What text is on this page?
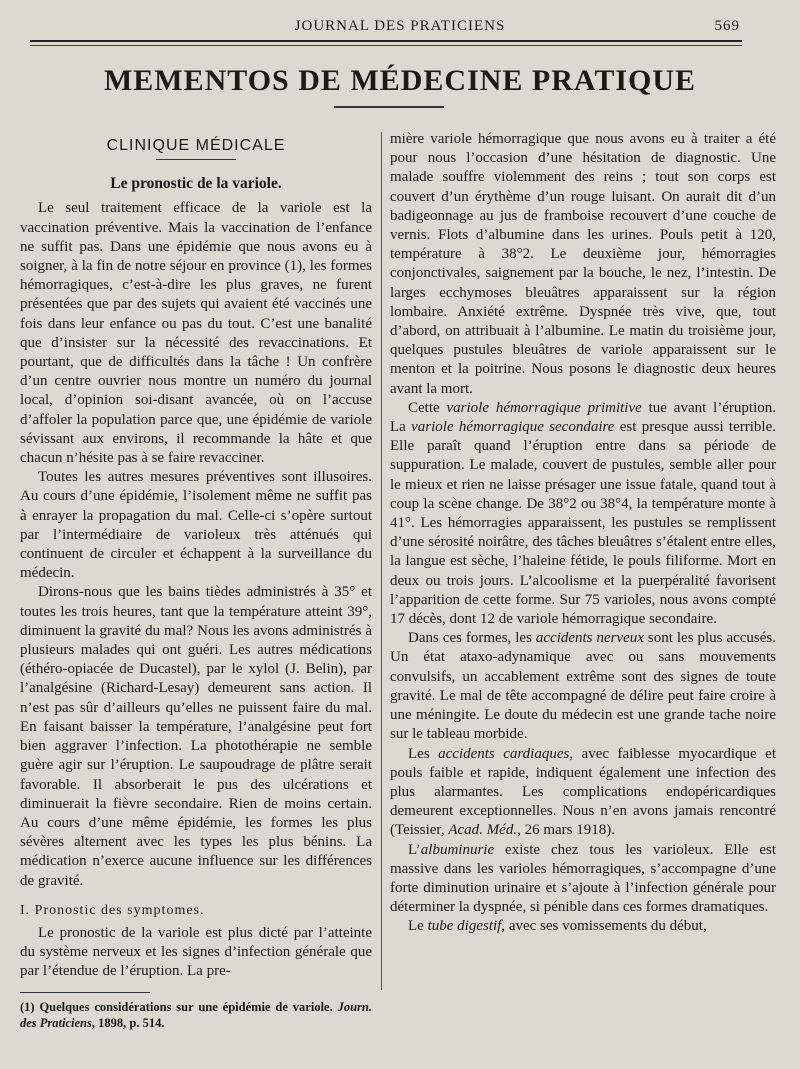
JOURNAL DES PRATICIENS	569
MEMENTOS DE MÉDECINE PRATIQUE
CLINIQUE MÉDICALE
Le pronostic de la variole.

Le seul traitement efficace de la variole est la vaccination préventive. Mais la vaccination de l’enfance ne suffit pas. Dans une épidémie que nous avons eu à soigner, à la fin de notre séjour en province (1), les formes hémorragiques, c’est-à-dire les plus graves, ne furent présentées que par des sujets qui avaient été vaccinés une fois dans leur enfance ou pas du tout. C’est une banalité que d’insister sur la nécessité des revaccinations. Et pourtant, que de difficultés dans la tâche ! Un confrère d’un centre ouvrier nous montre un numéro du journal local, d’opinion soi-disant avancée, où on l’accuse d’affoler la population parce que, une épidémie de variole sévissant aux environs, il recommande la hâte et que chacun n’hésite pas à se faire revacciner.

Toutes les autres mesures préventives sont illusoires. Au cours d’une épidémie, l’isolement même ne suffit pas à enrayer la propagation du mal. Celle-ci s’opère surtout par l’intermédiaire de varioleux très atténués qui continuent de circuler et échappent à la surveillance du médecin.

Dirons-nous que les bains tièdes administrés à 35° et toutes les trois heures, tant que la température atteint 39°, diminuent la gravité du mal? Nous les avons administrés à plusieurs malades qui ont guéri. Les autres médications (éthéro-opiacée de Ducastel), par le xylol (J. Belin), par l’analgésine (Richard-Lesay) demeurent sans action. Il n’est pas sûr d’ailleurs qu’elles ne puissent faire du mal. En faisant baisser la température, l’analgésine peut fort bien aggraver l’infection. La photothérapie ne semble guère agir sur l’éruption. Le saupoudrage de plâtre serait favorable. Il absorberait le pus des ulcérations et diminuerait la fièvre secondaire. Rien de moins certain. Au cours d’une même épidémie, les formes les plus sévères alternent avec les types les plus bénins. La médication n’exerce aucune influence sur les différences de gravité.

I. Pronostic des symptomes.

Le pronostic de la variole est plus dicté par l’atteinte du système nerveux et les signes d’infection générale que par l’étendue de l’éruption. La pre-

(1) Quelques considérations sur une épidémie de variole. Journ. des Praticiens, 1898, p. 514.

mière variole hémorragique que nous avons eu à traiter a été pour nous l’occasion d’une hésitation de diagnostic. Une malade souffre violemment des reins ; tout son corps est couvert d’un érythème d’un rouge luisant. On aurait dit d’un badigeonnage au jus de framboise recouvert d’une couche de vernis. Flots d’albumine dans les urines. Pouls petit à 120, température à 38°2. Le deuxième jour, hémorragies conjonctivales, saignement par la bouche, le nez, l’intestin. De larges ecchymoses bleuâtres apparaissent sur la région lombaire. Anxiété extrême. Dyspnée très vive, que, tout d’abord, on attribuait à l’albumine. Le matin du troisième jour, quelques pustules bleuâtres de variole apparaissent sur le menton et la poitrine. Nous posons le diagnostic deux heures avant la mort.

Cette variole hémorragique primitive tue avant l’éruption. La variole hémorragique secondaire est presque aussi terrible. Elle paraît quand l’éruption entre dans sa période de suppuration. Le malade, couvert de pustules, semble aller pour le mieux et rien ne laisse présager une issue fatale, quand tout à coup la scène change. De 38°2 ou 38°4, la température monte à 41°. Les hémorragies apparaissent, les pustules se remplissent d’une sérosité noirâtre, des tâches bleuâtres s’étalent entre elles, la langue est sèche, l’haleine fétide, le pouls filiforme. Mort en deux ou trois jours. L’alcoolisme et la puerpéralité favorisent l’apparition de cette forme. Sur 75 varioles, nous avons compté 17 décès, dont 12 de variole hémorragique secondaire.

Dans ces formes, les accidents nerveux sont les plus accusés. Un état ataxo-adynamique avec ou sans mouvements convulsifs, un accablement extrême sont des signes de toute gravité. Le mal de tête accompagné de délire peut faire croire à une méningite. Le doute du médecin est une grande tache noire sur le tableau morbide.

Les accidents cardiaques, avec faiblesse myocardique et pouls faible et rapide, indiquent également une infection des plus alarmantes. Les complications endopéricardiques demeurent exceptionnelles. Nous n’en avons jamais rencontré (Teissier, Acad. Méd., 26 mars 1918).

L’albuminurie existe chez tous les varioleux. Elle est massive dans les varioles hémorragiques, s’accompagne d’une forte diminution urinaire et s’ajoute à l’infection générale pour déterminer la dyspnée, si pénible dans ces formes dramatiques.

Le tube digestif, avec ses vomissements du début,
